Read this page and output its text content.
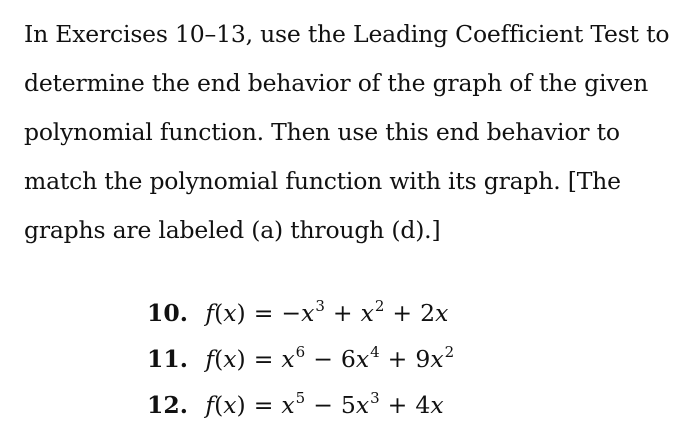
In Exercises 10–13, use the Leading Coefficient Test to
determine the end behavior of the graph of the given
polynomial function. Then use this end behavior to
match the polynomial function with its graph. [The
graphs are labeled (a) through (d).]

10. $f(x) = -x^3 + x^2 + 2x$
11. $f(x) = x^6 - 6x^4 + 9x^2$
12. $f(x) = x^5 - 5x^3 + 4x$
